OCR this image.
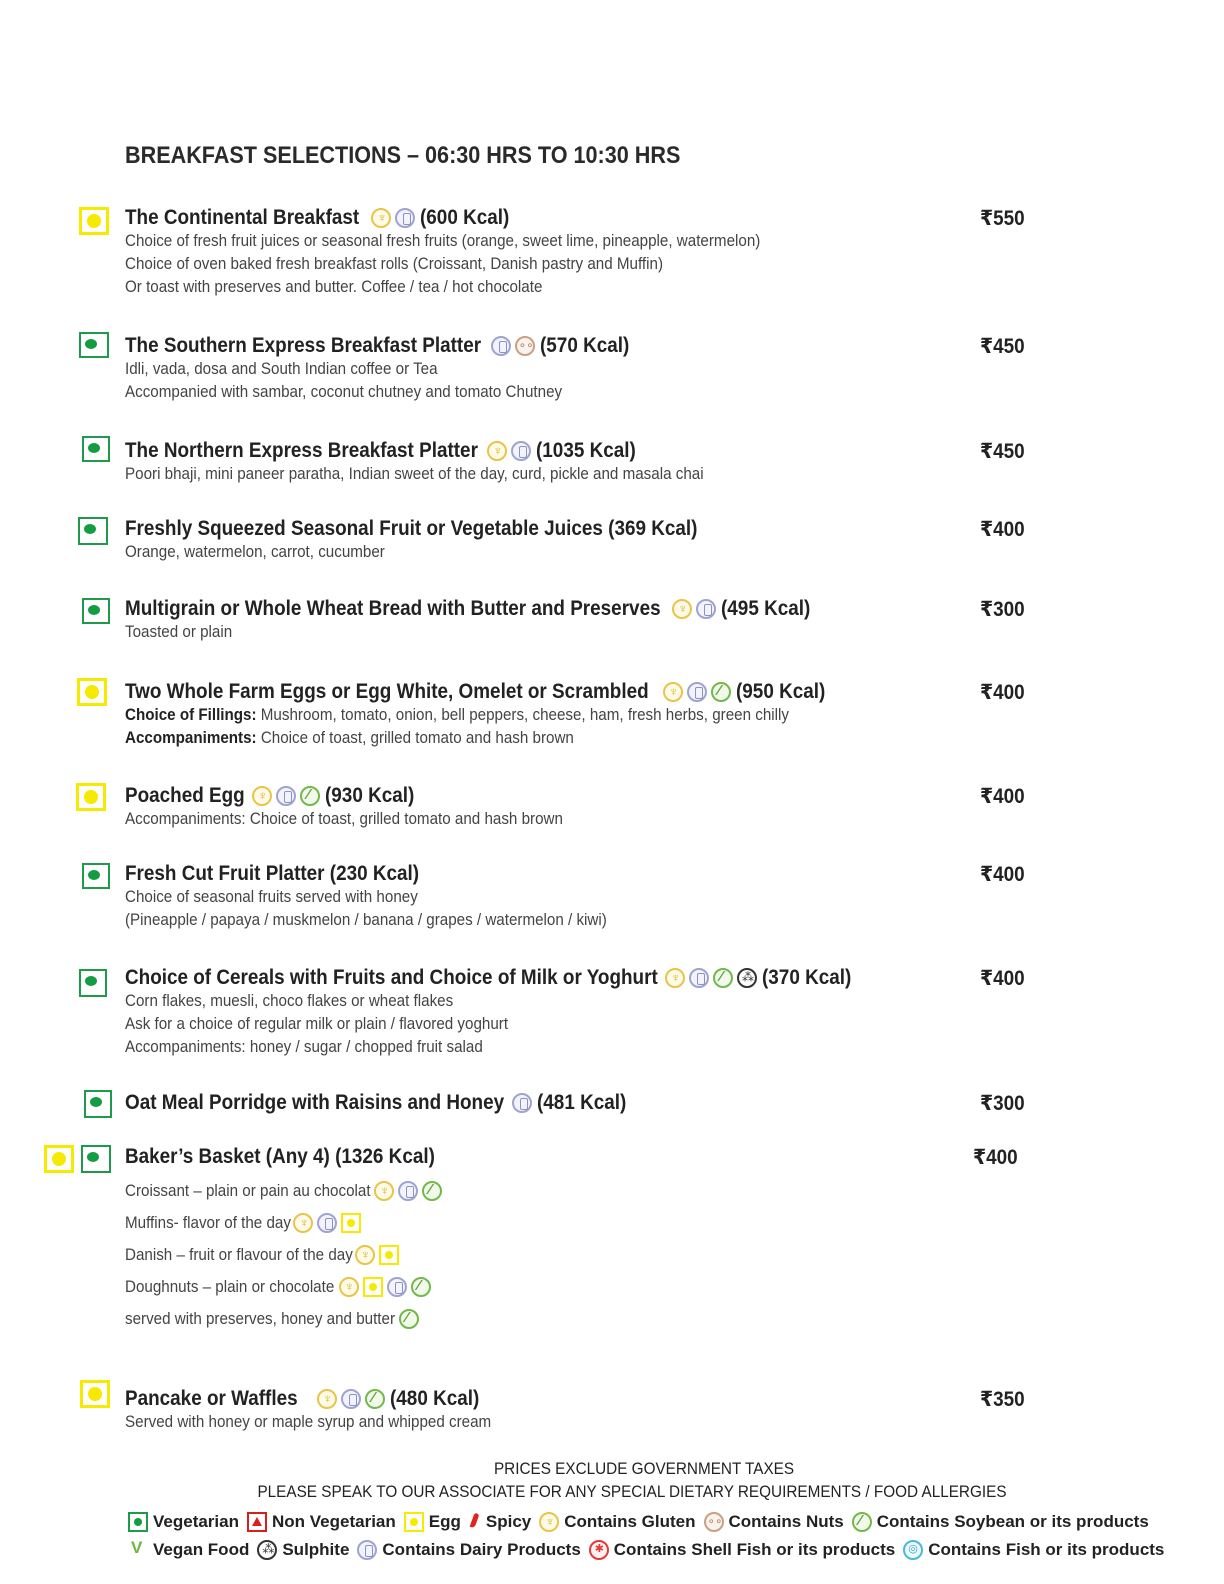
BREAKFAST SELECTIONS – 06:30 HRS TO 10:30 HRS
The Continental Breakfast ♆	(600 Kcal)
Choice of fresh fruit juices or seasonal fresh fruits (orange, sweet lime, pineapple, watermelon)
Choice of oven baked fresh breakfast rolls (Croissant, Danish pastry and Muffin)
Or toast with preserves and butter. Coffee / tea / hot chocolate
₹550
The Southern Express Breakfast Platter ∘∘	(570 Kcal)
Idli, vada, dosa and South Indian coffee or Tea
Accompanied with sambar, coconut chutney and tomato Chutney
₹450
The Northern Express Breakfast Platter ♆	(1035 Kcal)
Poori bhaji, mini paneer paratha, Indian sweet of the day, curd, pickle and masala chai
₹450
Freshly Squeezed Seasonal Fruit or Vegetable Juices (369 Kcal)
Orange, watermelon, carrot, cucumber
₹400
Multigrain or Whole Wheat Bread with Butter and Preserves ♆	(495 Kcal)
Toasted or plain
₹300
Two Whole Farm Eggs or Egg White, Omelet or Scrambled ♆ ⁄	(950 Kcal)
Choice of Fillings: Mushroom, tomato, onion, bell peppers, cheese, ham, fresh herbs, green chilly
Accompaniments: Choice of toast, grilled tomato and hash brown
₹400
Poached Egg ♆ ⁄	(930 Kcal)
Accompaniments: Choice of toast, grilled tomato and hash brown
₹400
Fresh Cut Fruit Platter (230 Kcal)
Choice of seasonal fruits served with honey
(Pineapple / papaya / muskmelon / banana / grapes / watermelon / kiwi)
₹400
Choice of Cereals with Fruits and Choice of Milk or Yoghurt ♆ ⁄ ⁂	(370 Kcal)
Corn flakes, muesli, choco flakes or wheat flakes
Ask for a choice of regular milk or plain / flavored yoghurt
Accompaniments: honey / sugar / chopped fruit salad
₹400
Oat Meal Porridge with Raisins and Honey (481 Kcal)	₹300
Baker’s Basket (Any 4) (1326 Kcal)
Croissant – plain or pain au chocolat
♆
⁄
Muffins- flavor of the day
♆
Danish – fruit or flavour of the day
♆
Doughnuts – plain or chocolate
♆
⁄
served with preserves, honey and butter
⁄
₹400
Pancake or Waffles ♆ ⁄	(480 Kcal)
Served with honey or maple syrup and whipped cream
₹350
PRICES EXCLUDE GOVERNMENT TAXES
PLEASE SPEAK TO OUR ASSOCIATE FOR ANY SPECIAL DIETARY REQUIREMENTS / FOOD ALLERGIES
Vegetarian Non Vegetarian Egg Spicy ♆ Contains Gluten ∘∘ Contains Nuts ⁄ Contains Soybean or its products
V
Vegan Food ⁂ Sulphite Contains Dairy Products ✱ Contains Shell Fish or its products ◎ Contains Fish or its products
